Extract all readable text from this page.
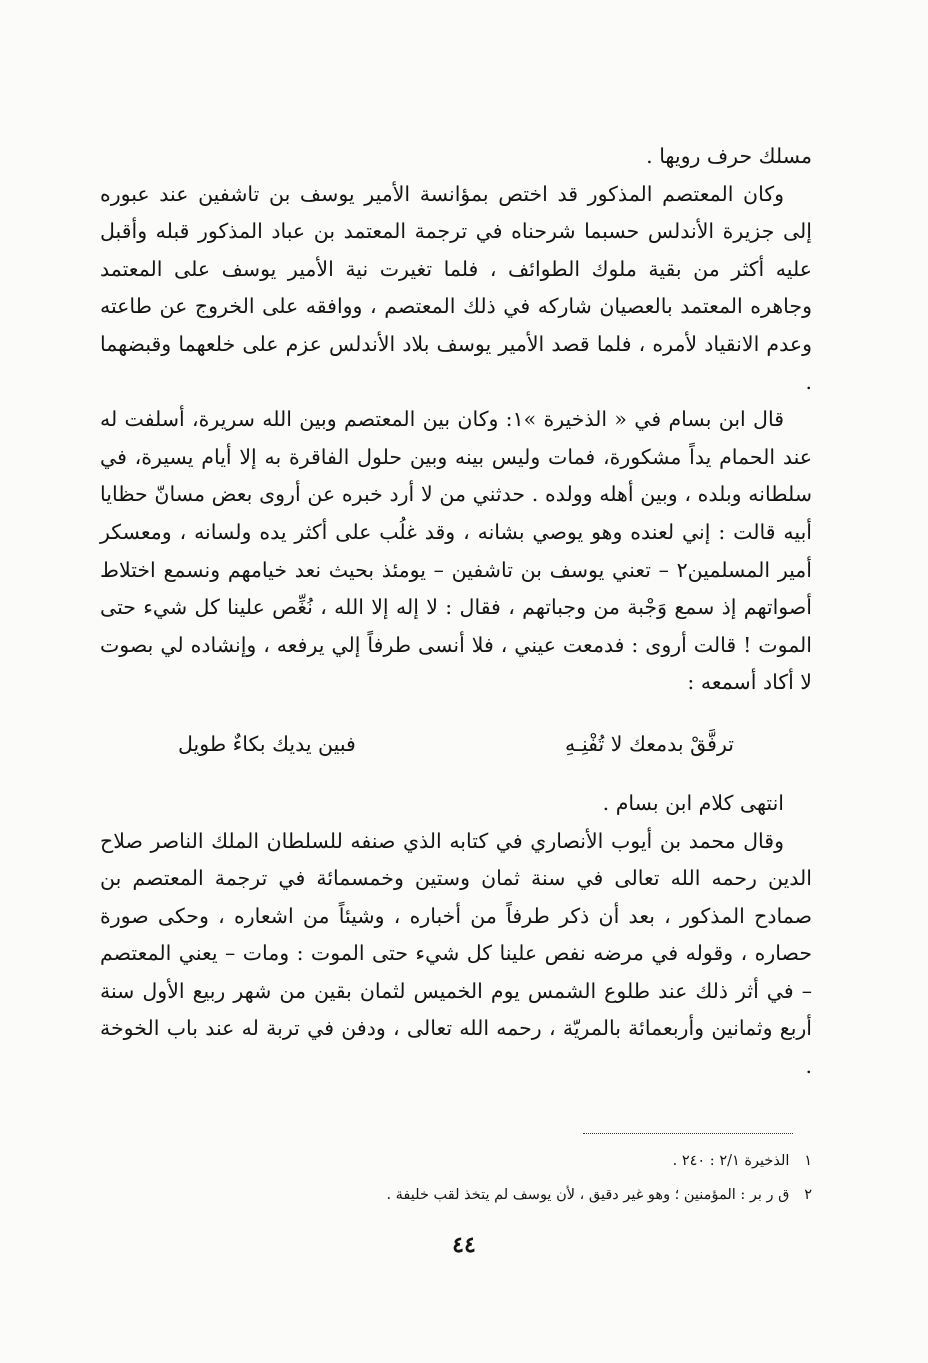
مسلك حرف رويها .

وكان المعتصم المذكور قد اختص بمؤانسة الأمير يوسف بن تاشفين عند عبوره إلى جزيرة الأندلس حسبما شرحناه في ترجمة المعتمد بن عباد المذكور قبله وأقبل عليه أكثر من بقية ملوك الطوائف ، فلما تغيرت نية الأمير يوسف على المعتمد وجاهره المعتمد بالعصيان شاركه في ذلك المعتصم ، ووافقه على الخروج عن طاعته وعدم الانقياد لأمره ، فلما قصد الأمير يوسف بلاد الأندلس عزم على خلعهما وقبضهما .

قال ابن بسام في « الذخيرة »١: وكان بين المعتصم وبين الله سريرة، أسلفت له عند الحمام يداً مشكورة، فمات وليس بينه وبين حلول الفاقرة به إلا أيام يسيرة، في سلطانه وبلده ، وبين أهله وولده . حدثني من لا أرد خبره عن أروى بعض مسانّ حظايا أبيه قالت : إني لعنده وهو يوصي بشانه ، وقد غلُب على أكثر يده ولسانه ، ومعسكر أمير المسلمين٢ – تعني يوسف بن تاشفين – يومئذ بحيث نعد خيامهم ونسمع اختلاط أصواتهم إذ سمع وَجْبة من وجباتهم ، فقال : لا إله إلا الله ، نُغِّص علينا كل شيء حتى الموت ! قالت أروى : فدمعت عيني ، فلا أنسى طرفاً إلي يرفعه ، وإنشاده لي بصوت لا أكاد أسمعه :

ترفَّقْ بدمعك لا تُفْنِـهِ
فبين يديك بكاءٌ طويل

انتهى كلام ابن بسام .

وقال محمد بن أيوب الأنصاري في كتابه الذي صنفه للسلطان الملك الناصر صلاح الدين رحمه الله تعالى في سنة ثمان وستين وخمسمائة في ترجمة المعتصم بن صمادح المذكور ، بعد أن ذكر طرفاً من أخباره ، وشيئاً من اشعاره ، وحكى صورة حصاره ، وقوله في مرضه نفص علينا كل شيء حتى الموت : ومات – يعني المعتصم – في أثر ذلك عند طلوع الشمس يوم الخميس لثمان بقين من شهر ربيع الأول سنة أربع وثمانين وأربعمائة بالمريّة ، رحمه الله تعالى ، ودفن في تربة له عند باب الخوخة .

١ الذخيرة ٢/١ : ٢٤٠ .
٢ ق ر بر : المؤمنين ؛ وهو غير دقيق ، لأن يوسف لم يتخذ لقب خليفة .
٤٤
